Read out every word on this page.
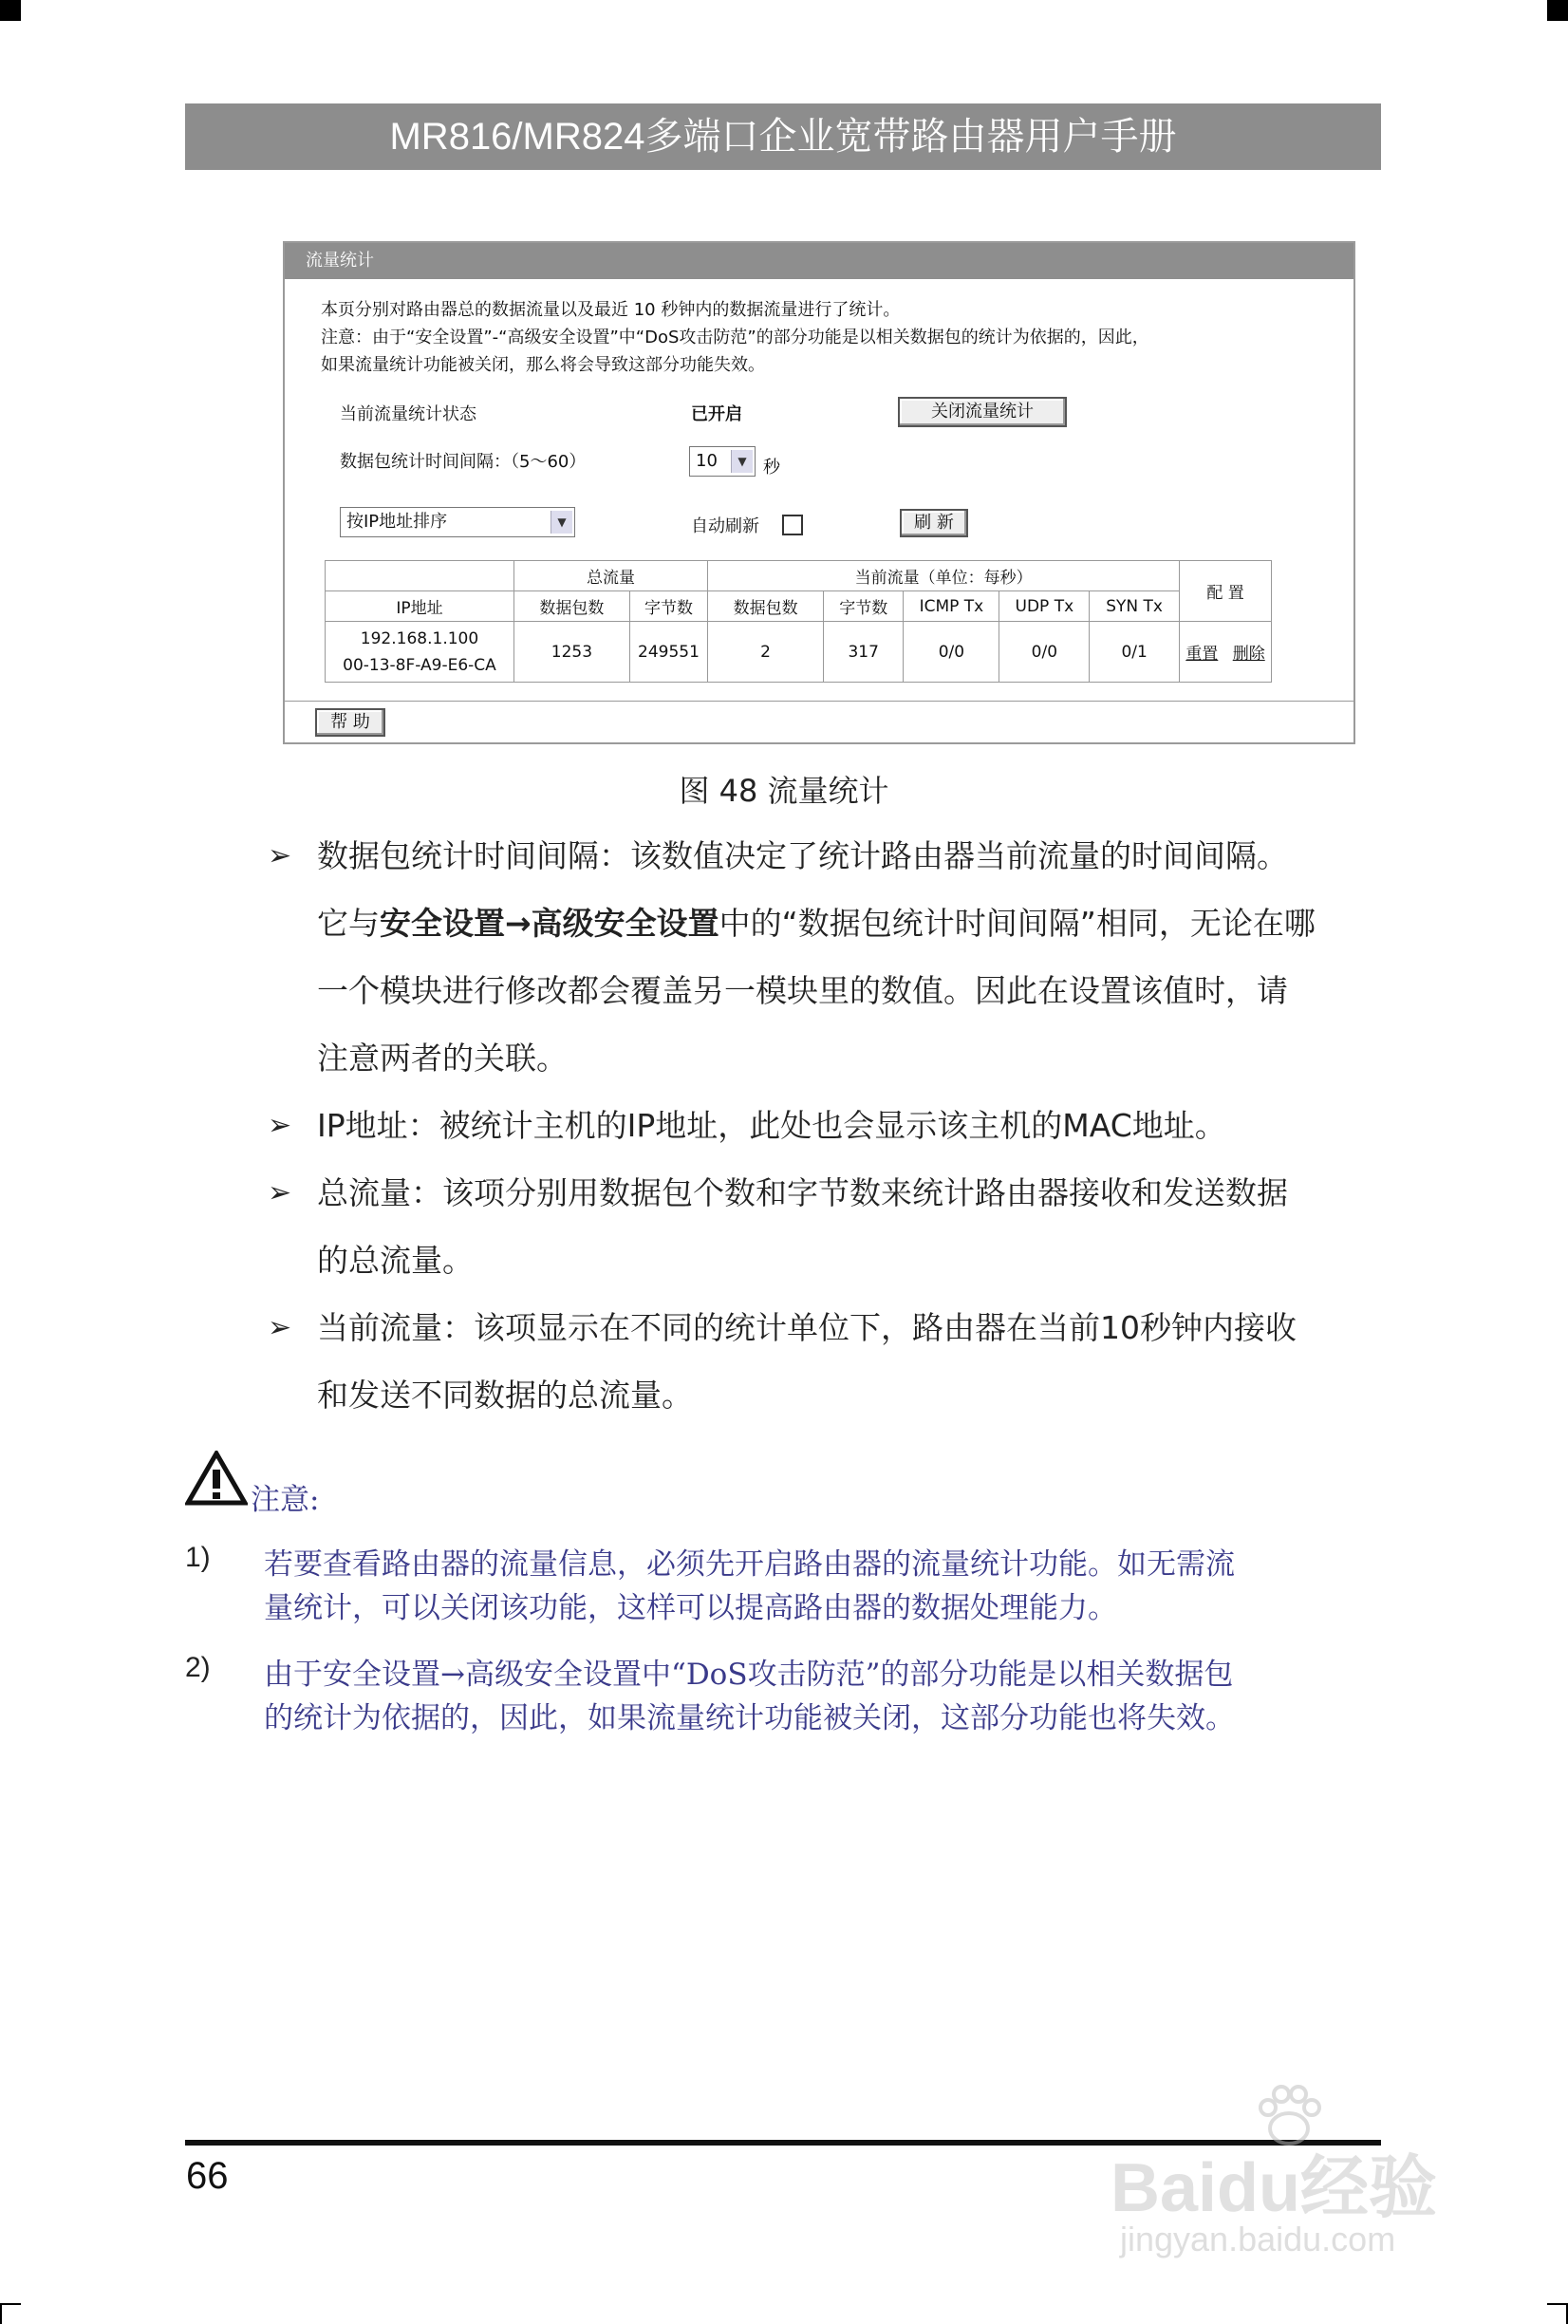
MR816/MR824多端口企业宽带路由器用户手册
流量统计
本页分别对路由器总的数据流量以及最近 10 秒钟内的数据流量进行了统计。
注意：由于“安全设置”-“高级安全设置”中“DoS攻击防范”的部分功能是以相关数据包的统计为依据的，因此，
如果流量统计功能被关闭，那么将会导致这部分功能失效。
当前流量统计状态	已开启	关闭流量统计
数据包统计时间间隔：（5～60）	10	▼ 秒
按IP地址排序	▼	自动刷新	刷 新
	总流量		当前流量（单位：每秒）					配 置
IP地址	数据包数	字节数	数据包数	字节数	ICMP Tx	UDP Tx	SYN Tx	

192.168.1.100
00-13-8F-A9-E6-CA	1253	249551	2	317	0/0	0/0	0/1	重置 删除
帮 助
图 48 流量统计
➢ 数据包统计时间间隔：该数值决定了统计路由器当前流量的时间间隔。
它与安全设置→高级安全设置中的“数据包统计时间间隔”相同，无论在哪
一个模块进行修改都会覆盖另一模块里的数值。因此在设置该值时，请
注意两者的关联。
➢ IP地址：被统计主机的IP地址，此处也会显示该主机的MAC地址。
➢ 总流量：该项分别用数据包个数和字节数来统计路由器接收和发送数据
的总流量。
➢ 当前流量：该项显示在不同的统计单位下，路由器在当前10秒钟内接收
和发送不同数据的总流量。
注意:
1) 若要查看路由器的流量信息，必须先开启路由器的流量统计功能。如无需流
量统计，可以关闭该功能，这样可以提高路由器的数据处理能力。
2) 由于安全设置→高级安全设置中“DoS攻击防范”的部分功能是以相关数据包
的统计为依据的，因此，如果流量统计功能被关闭，这部分功能也将失效。
66	Baidu经验
jingyan.baidu.com
